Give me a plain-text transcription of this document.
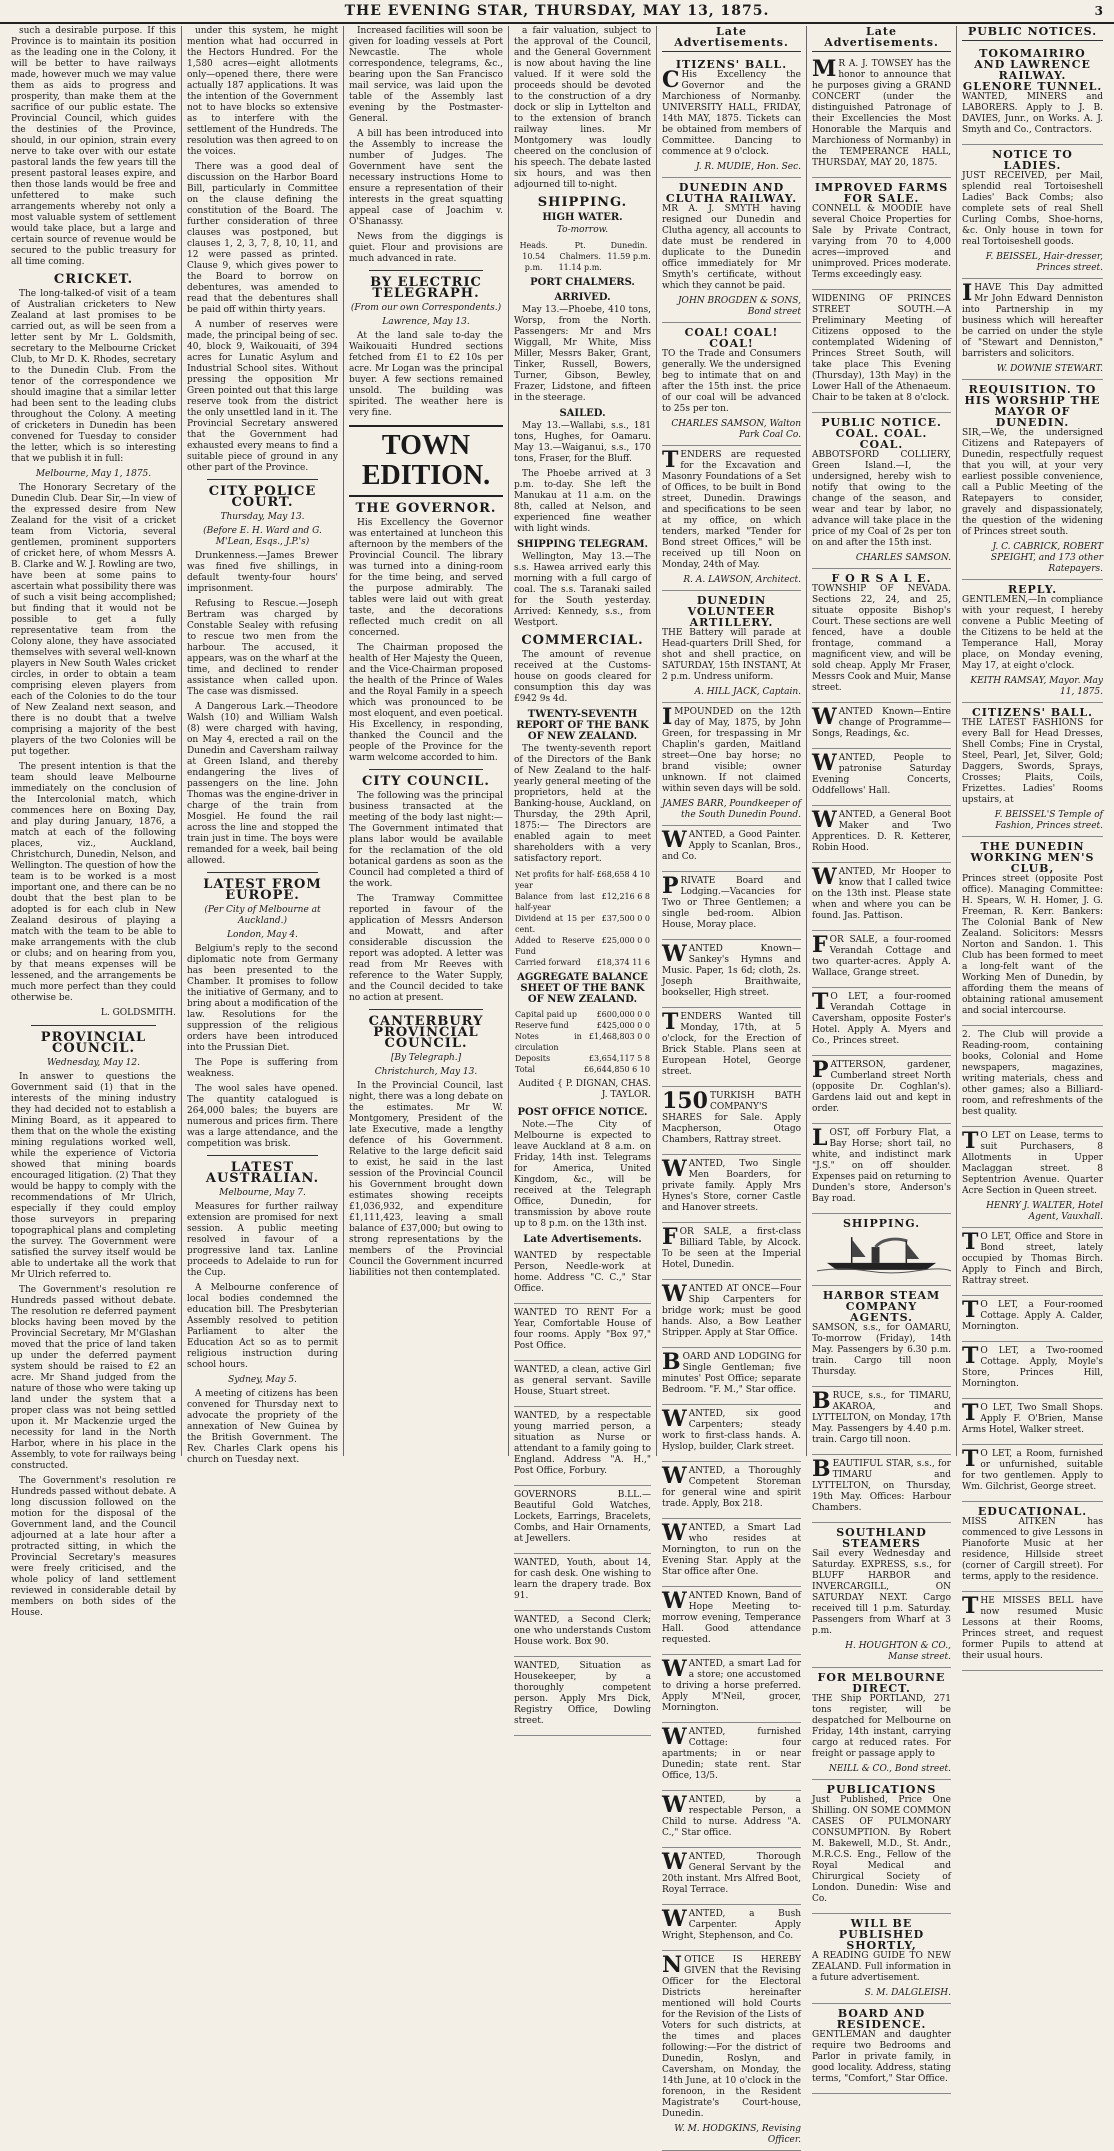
THE EVENING STAR, THURSDAY, MAY 13, 1875.	3

such a desirable purpose. If this Province is to maintain its position as the leading one in the Colony, it will be better to have railways made, however much we may value them as aids to progress and prosperity, than make them at the sacrifice of our public estate. The Provincial Council, which guides the destinies of the Province, should, in our opinion, strain every nerve to take over with our estate pastoral lands the few years till the present pastoral leases expire, and then those lands would be free and unfettered to make such arrangements whereby not only a most valuable system of settlement would take place, but a large and certain source of revenue would be secured to the public treasury for all time coming.

CRICKET.

The long-talked-of visit of a team of Australian cricketers to New Zealand at last promises to be carried out, as will be seen from a letter sent by Mr L. Goldsmith, secretary to the Melbourne Cricket Club, to Mr D. K. Rhodes, secretary to the Dunedin Club. From the tenor of the correspondence we should imagine that a similar letter had been sent to the leading clubs throughout the Colony. A meeting of cricketers in Dunedin has been convened for Tuesday to consider the letter, which is so interesting that we publish it in full:

Melbourne, May 1, 1875.

The Honorary Secretary of the Dunedin Club. Dear Sir,—In view of the expressed desire from New Zealand for the visit of a cricket team from Victoria, several gentlemen, prominent supporters of cricket here, of whom Messrs A. B. Clarke and W. J. Rowling are two, have been at some pains to ascertain what possibility there was of such a visit being accomplished; but finding that it would not be possible to get a fully representative team from the Colony alone, they have associated themselves with several well-known players in New South Wales cricket circles, in order to obtain a team comprising eleven players from each of the Colonies to do the tour of New Zealand next season, and there is no doubt that a twelve comprising a majority of the best players of the two Colonies will be put together.

The present intention is that the team should leave Melbourne immediately on the conclusion of the Intercolonial match, which commences here on Boxing Day, and play during January, 1876, a match at each of the following places, viz., Auckland, Christchurch, Dunedin, Nelson, and Wellington. The question of how the team is to be worked is a most important one, and there can be no doubt that the best plan to be adopted is for each club in New Zealand desirous of playing a match with the team to be able to make arrangements with the club or clubs; and on hearing from you, by that means expenses will be lessened, and the arrangements be much more perfect than they could otherwise be.

L. GOLDSMITH.
PROVINCIAL COUNCIL.
Wednesday, May 12.

In answer to questions the Government said (1) that in the interests of the mining industry they had decided not to establish a Mining Board, as it appeared to them that on the whole the existing mining regulations worked well, while the experience of Victoria showed that mining boards encouraged litigation. (2) That they would be happy to comply with the recommendations of Mr Ulrich, especially if they could employ those surveyors in preparing topographical plans and completing the survey. The Government were satisfied the survey itself would be able to undertake all the work that Mr Ulrich referred to.

The Government's resolution re Hundreds passed without debate. The resolution re deferred payment blocks having been moved by the Provincial Secretary, Mr M'Glashan moved that the price of land taken up under the deferred payment system should be raised to £2 an acre. Mr Shand judged from the nature of those who were taking up land under the system that a proper class was not being settled upon it. Mr Mackenzie urged the necessity for land in the North Harbor, where in his place in the Assembly, to vote for railways being constructed.

The Government's resolution re Hundreds passed without debate. A long discussion followed on the motion for the disposal of the Government land, and the Council adjourned at a late hour after a protracted sitting, in which the Provincial Secretary's measures were freely criticised, and the whole policy of land settlement reviewed in considerable detail by members on both sides of the House.

under this system, he might mention what had occurred in the Hectors Hundred. For the 1,580 acres—eight allotments only—opened there, there were actually 187 applications. It was the intention of the Government not to have blocks so extensive as to interfere with the settlement of the Hundreds. The resolution was then agreed to on the voices.

There was a good deal of discussion on the Harbor Board Bill, particularly in Committee on the clause defining the constitution of the Board. The further consideration of three clauses was postponed, but clauses 1, 2, 3, 7, 8, 10, 11, and 12 were passed as printed. Clause 9, which gives power to the Board to borrow on debentures, was amended to read that the debentures shall be paid off within thirty years.

A number of reserves were made, the principal being of sec. 40, block 9, Waikouaiti, of 394 acres for Lunatic Asylum and Industrial School sites. Without pressing the opposition Mr Green pointed out that this large reserve took from the district the only unsettled land in it. The Provincial Secretary answered that the Government had exhausted every means to find a suitable piece of ground in any other part of the Province.

CITY POLICE COURT.
Thursday, May 13.
(Before E. H. Ward and G. M'Lean, Esqs., J.P.'s)

Drunkenness.—James Brewer was fined five shillings, in default twenty-four hours' imprisonment.

Refusing to Rescue.—Joseph Bertram was charged by Constable Sealey with refusing to rescue two men from the harbour. The accused, it appears, was on the wharf at the time, and declined to render assistance when called upon. The case was dismissed.

A Dangerous Lark.—Theodore Walsh (10) and William Walsh (8) were charged with having, on May 4, erected a rail on the Dunedin and Caversham railway at Green Island, and thereby endangering the lives of passengers on the line. John Thomas was the engine-driver in charge of the train from Mosgiel. He found the rail across the line and stopped the train just in time. The boys were remanded for a week, bail being allowed.

LATEST FROM EUROPE.
(Per City of Melbourne at Auckland.)
London, May 4.

Belgium's reply to the second diplomatic note from Germany has been presented to the Chamber. It promises to follow the initiative of Germany, and to bring about a modification of the law. Resolutions for the suppression of the religious orders have been introduced into the Prussian Diet.

The Pope is suffering from weakness.

The wool sales have opened. The quantity catalogued is 264,000 bales; the buyers are numerous and prices firm. There was a large attendance, and the competition was brisk.

LATEST AUSTRALIAN.
Melbourne, May 7.

Measures for further railway extension are promised for next session. A public meeting resolved in favour of a progressive land tax. Lanline proceeds to Adelaide to run for the Cup.

A Melbourne conference of local bodies condemned the education bill. The Presbyterian Assembly resolved to petition Parliament to alter the Education Act so as to permit religious instruction during school hours.

Sydney, May 5.

A meeting of citizens has been convened for Thursday next to advocate the propriety of the annexation of New Guinea by the British Government. The Rev. Charles Clark opens his church on Tuesday next.

Increased facilities will soon be given for loading vessels at Port Newcastle. The whole correspondence, telegrams, &c., bearing upon the San Francisco mail service, was laid upon the table of the Assembly last evening by the Postmaster-General.

A bill has been introduced into the Assembly to increase the number of Judges. The Government have sent the necessary instructions Home to ensure a representation of their interests in the great squatting appeal case of Joachim v. O'Shanassy.

News from the diggings is quiet. Flour and provisions are much advanced in rate.

BY ELECTRIC TELEGRAPH.
(From our own Correspondents.)
Lawrence, May 13.

At the land sale to-day the Waikouaiti Hundred sections fetched from £1 to £2 10s per acre. Mr Logan was the principal buyer. A few sections remained unsold. The building was spirited. The weather here is very fine.

TOWN EDITION.
THE GOVERNOR.

His Excellency the Governor was entertained at luncheon this afternoon by the members of the Provincial Council. The library was turned into a dining-room for the time being, and served the purpose admirably. The tables were laid out with great taste, and the decorations reflected much credit on all concerned.

The Chairman proposed the health of Her Majesty the Queen, and the Vice-Chairman proposed the health of the Prince of Wales and the Royal Family in a speech which was pronounced to be most eloquent, and even poetical. His Excellency, in responding, thanked the Council and the people of the Province for the warm welcome accorded to him.

CITY COUNCIL.

The following was the principal business transacted at the meeting of the body last night:— The Government intimated that plans labor would be available for the reclamation of the old botanical gardens as soon as the Council had completed a third of the work.

The Tramway Committee reported in favour of the application of Messrs Anderson and Mowatt, and after considerable discussion the report was adopted. A letter was read from Mr Reeves with reference to the Water Supply, and the Council decided to take no action at present.

CANTERBURY PROVINCIAL COUNCIL.
[By Telegraph.]
Christchurch, May 13.

In the Provincial Council, last night, there was a long debate on the estimates. Mr W. Montgomery, President of the late Executive, made a lengthy defence of his Government. Relative to the large deficit said to exist, he said in the last session of the Provincial Council his Government brought down estimates showing receipts £1,036,932, and expenditure £1,111,423, leaving a small balance of £37,000; but owing to strong representations by the members of the Provincial Council the Government incurred liabilities not then contemplated.

a fair valuation, subject to the approval of the Council, and the General Government is now about having the line valued. If it were sold the proceeds should be devoted to the construction of a dry dock or slip in Lyttelton and to the extension of branch railway lines. Mr Montgomery was loudly cheered on the conclusion of his speech. The debate lasted six hours, and was then adjourned till to-night.

SHIPPING.
HIGH WATER.
To-morrow.
Heads. 10.54 p.m.
Pt. Chalmers. 11.14 p.m.
Dunedin. 11.59 p.m.
PORT CHALMERS.
ARRIVED.

May 13.—Phoebe, 410 tons, Worsp, from the North. Passengers: Mr and Mrs Wiggall, Mr White, Miss Miller, Messrs Baker, Grant, Tinker, Russell, Bowers, Turner, Gibson, Bewley, Frazer, Lidstone, and fifteen in the steerage.

SAILED.

May 13.—Wallabi, s.s., 181 tons, Hughes, for Oamaru. May 13.—Waiganui, s.s., 170 tons, Fraser, for the Bluff.

The Phoebe arrived at 3 p.m. to-day. She left the Manukau at 11 a.m. on the 8th, called at Nelson, and experienced fine weather with light winds.

SHIPPING TELEGRAM.

Wellington, May 13.—The s.s. Hawea arrived early this morning with a full cargo of coal. The s.s. Taranaki sailed for the South yesterday. Arrived: Kennedy, s.s., from Westport.

COMMERCIAL.

The amount of revenue received at the Customs-house on goods cleared for consumption this day was £942 9s 4d.

TWENTY-SEVENTH REPORT OF THE BANK OF NEW ZEALAND.

The twenty-seventh report of the Directors of the Bank of New Zealand to the half-yearly general meeting of the proprietors, held at the Banking-house, Auckland, on Thursday, the 29th April, 1875:— The Directors are enabled again to meet shareholders with a very satisfactory report.

Net profits for half-year	£68,658 4 10
Balance from last half-year	£12,216 6 8
Dividend at 15 per cent.	£37,500 0 0
Added to Reserve Fund	£25,000 0 0
Carried forward	£18,374 11 6
AGGREGATE BALANCE SHEET OF THE BANK OF NEW ZEALAND.
Capital paid up	£600,000 0 0
Reserve fund	£425,000 0 0
Notes in circulation	£1,468,803 0 0
Deposits	£3,654,117 5 8
Total	£6,644,850 6 10
Audited { P. DIGNAN, CHAS. J. TAYLOR.
POST OFFICE NOTICE.

Note.—The City of Melbourne is expected to leave Auckland at 8 a.m. on Friday, 14th inst. Telegrams for America, United Kingdom, &c., will be received at the Telegraph Office, Dunedin, for transmission by above route up to 8 p.m. on the 13th inst.

Late Advertisements.

WANTED by respectable Person, Needle-work at home. Address "C. C.," Star Office.

WANTED TO RENT For a Year, Comfortable House of four rooms. Apply "Box 97," Post Office.

WANTED, a clean, active Girl as general servant. Saville House, Stuart street.

WANTED, by a respectable young married person, a situation as Nurse or attendant to a family going to England. Address "A. H.," Post Office, Forbury.

GOVERNORS B.LL.—Beautiful Gold Watches, Lockets, Earrings, Bracelets, Combs, and Hair Ornaments, at Jewellers.

WANTED, Youth, about 14, for cash desk. One wishing to learn the drapery trade. Box 91.

WANTED, a Second Clerk; one who understands Custom House work. Box 90.

WANTED, Situation as Housekeeper, by a thoroughly competent person. Apply Mrs Dick, Registry Office, Dowling street.

Late Advertisements.
ITIZENS' BALL.

C His Excellency the Governor and the Marchioness of Normanby. UNIVERSITY HALL, FRIDAY, 14th MAY, 1875. Tickets can be obtained from members of Committee. Dancing to commence at 9 o'clock.

J. R. MUDIE, Hon. Sec.
DUNEDIN AND CLUTHA RAILWAY.

MR A. J. SMYTH having resigned our Dunedin and Clutha agency, all accounts to date must be rendered in duplicate to the Dunedin office immediately for Mr Smyth's certificate, without which they cannot be paid.

JOHN BROGDEN & SONS, Bond street
COAL! COAL! COAL!

TO the Trade and Consumers generally. We the undersigned beg to intimate that on and after the 15th inst. the price of our coal will be advanced to 25s per ton.

CHARLES SAMSON, Walton Park Coal Co.

TENDERS are requested for the Excavation and Masonry Foundations of a Set of Offices, to be built in Bond street, Dunedin. Drawings and specifications to be seen at my office, on which tenders, marked "Tender for Bond street Offices," will be received up till Noon on Monday, 24th of May.

R. A. LAWSON, Architect.
DUNEDIN VOLUNTEER ARTILLERY.

THE Battery will parade at Head-quarters Drill Shed, for shot and shell practice, on SATURDAY, 15th INSTANT, At 2 p.m. Undress uniform.

A. HILL JACK, Captain.

IMPOUNDED on the 12th day of May, 1875, by John Green, for trespassing in Mr Chaplin's garden, Maitland street—One bay horse; no brand visible; owner unknown. If not claimed within seven days will be sold.

JAMES BARR, Poundkeeper of the South Dunedin Pound.

WANTED, a Good Painter. Apply to Scanlan, Bros., and Co.

PRIVATE Board and Lodging.—Vacancies for Two or Three Gentlemen; a single bed-room. Albion House, Moray place.

WANTED Known—Sankey's Hymns and Music. Paper, 1s 6d; cloth, 2s. Joseph Braithwaite, bookseller, High street.

TENDERS Wanted till Monday, 17th, at 5 o'clock, for the Erection of Brick Stable. Plans seen at European Hotel, George street.

150 TURKISH BATH COMPANY'S SHARES for Sale. Apply Macpherson, Otago Chambers, Rattray street.

WANTED, Two Single Men Boarders, for private family. Apply Mrs Hynes's Store, corner Castle and Hanover streets.

FOR SALE, a first-class Billiard Table, by Alcock. To be seen at the Imperial Hotel, Dunedin.

WANTED AT ONCE—Four Ship Carpenters for bridge work; must be good hands. Also, a Bow Leather Stripper. Apply at Star Office.

BOARD AND LODGING for Single Gentleman; five minutes' Post Office; separate Bedroom. "F. M.," Star office.

WANTED, six good Carpenters; steady work to first-class hands. A. Hyslop, builder, Clark street.

WANTED, a Thoroughly Competent Storeman for general wine and spirit trade. Apply, Box 218.

WANTED, a Smart Lad who resides at Mornington, to run on the Evening Star. Apply at the Star office after One.

WANTED Known, Band of Hope Meeting to-morrow evening, Temperance Hall. Good attendance requested.

WANTED, a smart Lad for a store; one accustomed to driving a horse preferred. Apply M'Neil, grocer, Mornington.

WANTED, furnished Cottage: four apartments; in or near Dunedin; state rent. Star Office, 13/5.

WANTED, by a respectable Person, a Child to nurse. Address "A. C.," Star office.

WANTED, Thorough General Servant by the 20th instant. Mrs Alfred Boot, Royal Terrace.

WANTED, a Bush Carpenter. Apply Wright, Stephenson, and Co.

NOTICE IS HEREBY GIVEN that the Revising Officer for the Electoral Districts hereinafter mentioned will hold Courts for the Revision of the Lists of Voters for such districts, at the times and places following:—For the district of Dunedin, Roslyn, and Caversham, on Monday, the 14th June, at 10 o'clock in the forenoon, in the Resident Magistrate's Court-house, Dunedin.

W. M. HODGKINS, Revising Officer.
Late Advertisements.

M R A. J. TOWSEY has the honor to announce that he purposes giving a GRAND CONCERT (under the distinguished Patronage of their Excellencies the Most Honorable the Marquis and Marchioness of Normanby) in the TEMPERANCE HALL, THURSDAY, MAY 20, 1875.

IMPROVED FARMS FOR SALE.

CONNELL & MOODIE have several Choice Properties for Sale by Private Contract, varying from 70 to 4,000 acres—improved and unimproved. Prices moderate. Terms exceedingly easy.

WIDENING OF PRINCES STREET SOUTH.—A Preliminary Meeting of Citizens opposed to the contemplated Widening of Princes Street South, will take place This Evening (Thursday), 13th May) in the Lower Hall of the Athenaeum. Chair to be taken at 8 o'clock.

PUBLIC NOTICE. COAL. COAL. COAL.

ABBOTSFORD COLLIERY, Green Island.—I, the undersigned, hereby wish to notify that owing to the change of the season, and wear and tear by labor, no advance will take place in the price of my Coal of 2s per ton on and after the 15th inst.

CHARLES SAMSON.
F O R S A L E.

TOWNSHIP OF NEVADA. Sections 22, 24, and 25, situate opposite Bishop's Court. These sections are well fenced, have a double frontage, command a magnificent view, and will be sold cheap. Apply Mr Fraser, Messrs Cook and Muir, Manse street.

WANTED Known—Entire change of Programme—Songs, Readings, &c.

WANTED, People to patronise Saturday Evening Concerts, Oddfellows' Hall.

WANTED, a General Boot Maker and Two Apprentices. D. R. Ketterer, Robin Hood.

WANTED, Mr Hooper to know that I called twice on the 13th inst. Please state when and where you can be found. Jas. Pattison.

FOR SALE, a four-roomed Verandah Cottage and two quarter-acres. Apply A. Wallace, Grange street.

T O LET, a four-roomed Verandah Cottage in Caversham, opposite Foster's Hotel. Apply A. Myers and Co., Princes street.

PATTERSON, gardener, Cumberland street North (opposite Dr. Coghlan's). Gardens laid out and kept in order.

LOST, off Forbury Flat, a Bay Horse; short tail, no white, and indistinct mark "J.S." on off shoulder. Expenses paid on returning to Dunden's store, Anderson's Bay road.

SHIPPING.
HARBOR STEAM COMPANY AGENTS.

SAMSON, s.s., for OAMARU, To-morrow (Friday), 14th May. Passengers by 6.30 p.m. train. Cargo till noon Thursday.

BRUCE, s.s., for TIMARU, AKAROA, and LYTTELTON, on Monday, 17th May. Passengers by 4.40 p.m. train. Cargo till noon.

BEAUTIFUL STAR, s.s., for TIMARU and LYTTELTON, on Thursday, 19th May. Offices: Harbour Chambers.

SOUTHLAND STEAMERS

Sail every Wednesday and Saturday. EXPRESS, s.s., for BLUFF HARBOR and INVERCARGILL, ON SATURDAY NEXT. Cargo received till 1 p.m. Saturday. Passengers from Wharf at 3 p.m.

H. HOUGHTON & CO., Manse street.
FOR MELBOURNE DIRECT.

THE Ship PORTLAND, 271 tons register, will be despatched for Melbourne on Friday, 14th instant, carrying cargo at reduced rates. For freight or passage apply to

NEILL & CO., Bond street.
PUBLICATIONS

Just Published, Price One Shilling. ON SOME COMMON CASES OF PULMONARY CONSUMPTION. By Robert M. Bakewell, M.D., St. Andr., M.R.C.S. Eng., Fellow of the Royal Medical and Chirurgical Society of London. Dunedin: Wise and Co.

WILL BE PUBLISHED SHORTLY,

A READING GUIDE TO NEW ZEALAND. Full information in a future advertisement.

S. M. DALGLEISH.
BOARD AND RESIDENCE.

GENTLEMAN and daughter require two Bedrooms and Parlor in private family, in good locality. Address, stating terms, "Comfort," Star Office.

PUBLIC NOTICES.
TOKOMAIRIRO AND LAWRENCE RAILWAY. GLENORE TUNNEL.

WANTED, MINERS and LABORERS. Apply to J. B. DAVIES, Junr., on Works. A. J. Smyth and Co., Contractors.

NOTICE TO LADIES.

JUST RECEIVED, per Mail, splendid real Tortoiseshell Ladies' Back Combs; also complete sets of real Shell Curling Combs, Shoe-horns, &c. Only house in town for real Tortoiseshell goods.

F. BEISSEL, Hair-dresser, Princes street.

IHAVE This Day admitted Mr John Edward Denniston into Partnership in my business which will hereafter be carried on under the style of "Stewart and Denniston," barristers and solicitors.

W. DOWNIE STEWART.
REQUISITION. TO HIS WORSHIP THE MAYOR OF DUNEDIN.

SIR,—We, the undersigned Citizens and Ratepayers of Dunedin, respectfully request that you will, at your very earliest possible convenience, call a Public Meeting of the Ratepayers to consider, gravely and dispassionately, the question of the widening of Princes street south.

J. C. CABRICK, ROBERT SPEIGHT, and 173 other Ratepayers.
REPLY.

GENTLEMEN,—In compliance with your request, I hereby convene a Public Meeting of the Citizens to be held at the Temperance Hall, Moray place, on Monday evening, May 17, at eight o'clock.

KEITH RAMSAY, Mayor. May 11, 1875.
CITIZENS' BALL.

THE LATEST FASHIONS for every Ball for Head Dresses, Shell Combs; Fine in Crystal, Steel, Pearl, Jet, Silver, Gold; Daggers, Swords, Sprays, Crosses; Plaits, Coils, Frizettes. Ladies' Rooms upstairs, at

F. BEISSEL'S Temple of Fashion, Princes street.
THE DUNEDIN WORKING MEN'S CLUB,

Princes street (opposite Post office). Managing Committee: H. Spears, W. H. Homer, J. G. Freeman, R. Kerr. Bankers: The Colonial Bank of New Zealand. Solicitors: Messrs Norton and Sandon. 1. This Club has been formed to meet a long-felt want of the Working Men of Dunedin, by affording them the means of obtaining rational amusement and social intercourse.

2. The Club will provide a Reading-room, containing books, Colonial and Home newspapers, magazines, writing materials, chess and other games; also a Billiard-room, and refreshments of the best quality.

T O LET on Lease, terms to suit Purchasers, 8 Allotments in Upper Maclaggan street. 8 Septentrion Avenue. Quarter Acre Section in Queen street.

HENRY J. WALTER, Hotel Agent, Vauxhall.

T O LET, Office and Store in Bond street, lately occupied by Thomas Birch. Apply to Finch and Birch, Rattray street.

T O LET, a Four-roomed Cottage. Apply A. Calder, Mornington.

T O LET, a Two-roomed Cottage. Apply, Moyle's Store, Princes Hill, Mornington.

T O LET, Two Small Shops. Apply F. O'Brien, Manse Arms Hotel, Walker street.

T O LET, a Room, furnished or unfurnished, suitable for two gentlemen. Apply to Wm. Gilchrist, George street.

EDUCATIONAL.

MISS AITKEN has commenced to give Lessons in Pianoforte Music at her residence, Hillside street (corner of Cargill street). For terms, apply to the residence.

THE MISSES BELL have now resumed Music Lessons at their Rooms, Princes street, and request former Pupils to attend at their usual hours.
